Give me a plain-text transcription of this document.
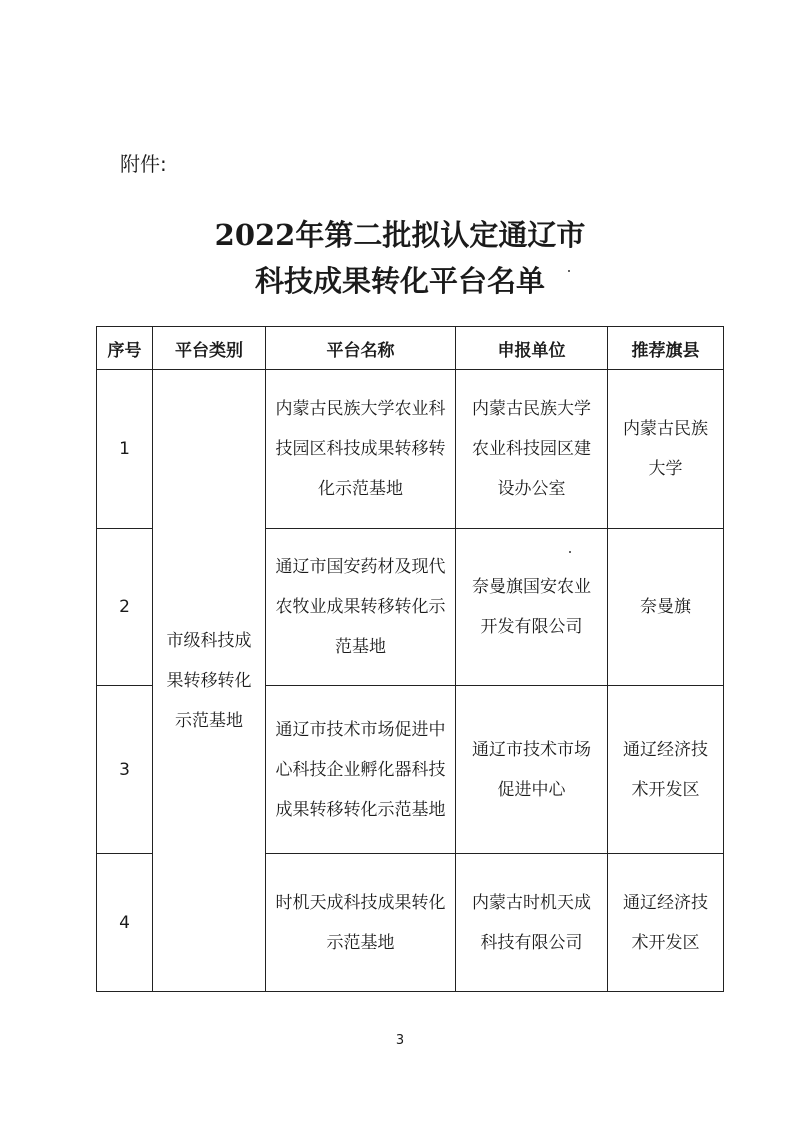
附件:
2022年第二批拟认定通辽市
科技成果转化平台名单
序号	平台类别	平台名称	申报单位	推荐旗县
1	市级科技成果转移转化示范基地	内蒙古民族大学农业科技园区科技成果转移转化示范基地	内蒙古民族大学农业科技园区建设办公室	内蒙古民族大学
2		通辽市国安药材及现代农牧业成果转移转化示范基地	奈曼旗国安农业开发有限公司	奈曼旗
3		通辽市技术市场促进中心科技企业孵化器科技成果转移转化示范基地	通辽市技术市场促进中心	通辽经济技术开发区
4		时机天成科技成果转化示范基地	内蒙古时机天成科技有限公司	通辽经济技术开发区
3
